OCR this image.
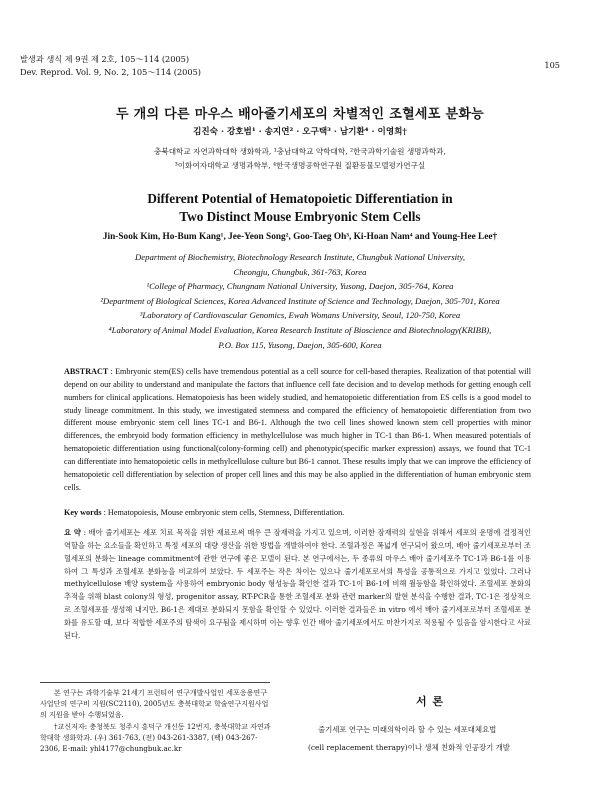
발생과 생식 제 9권 제 2호, 105～114 (2005)
Dev. Reprod. Vol. 9, No. 2, 105～114 (2005)
105
두 개의 다른 마우스 배아줄기세포의 차별적인 조혈세포 분화능
김진숙 · 강호범¹ · 송지연² · 오구택³ · 남기환⁴ · 이영희†
충북대학교 자연과학대학 생화학과, ¹충남대학교 약학대학, ²한국과학기술원 생명과학과,
³이화여자대학교 생명과학부, ⁴한국생명공학연구원 질환동물모델평가연구실
Different Potential of Hematopoietic Differentiation in
Two Distinct Mouse Embryonic Stem Cells
Jin-Sook Kim, Ho-Bum Kang¹, Jee-Yeon Song², Goo-Taeg Oh³, Ki-Hoan Nam⁴ and Young-Hee Lee†
Department of Biochemistry, Biotechnology Research Institute, Chungbuk National University,
Cheongju, Chungbuk, 361-763, Korea
¹College of Pharmacy, Chungnam National University, Yusong, Daejon, 305-764, Korea
²Department of Biological Sciences, Korea Advanced Institute of Science and Technology, Daejon, 305-701, Korea
³Laboratory of Cardiovascular Genomics, Ewah Womans University, Seoul, 120-750, Korea
⁴Laboratory of Animal Model Evaluation, Korea Research Institute of Bioscience and Biotechnology(KRIBB),
P.O. Box 115, Yusong, Daejon, 305-600, Korea
ABSTRACT : Embryonic stem(ES) cells have tremendous potential as a cell source for cell-based therapies. Realization of that potential will depend on our ability to understand and manipulate the factors that influence cell fate decision and to develop methods for getting enough cell numbers for clinical applications. Hematopoiesis has been widely studied, and hematopoietic differentiation from ES cells is a good model to study lineage commitment. In this study, we investigated stemness and compared the efficiency of hematopoietic differentiation from two different mouse embryonic stem cell lines TC-1 and B6-1. Although the two cell lines showed known stem cell properties with minor differences, the embryoid body formation efficiency in methylcellulose was much higher in TC-1 than B6-1. When measured potentials of hematopoietic differentiation using functional(colony-forming cell) and phenotypic(specific marker expression) assays, we found that TC-1 can differentiate into hematopoietic cells in methylcellulose culture but B6-1 cannot. These results imply that we can improve the efficiency of hematopoietic cell differentiation by selection of proper cell lines and this may be also applied in the differentiation of human embryonic stem cells.
Key words : Hematopoiesis, Mouse embryonic stem cells, Stemness, Differentiation.
요 약 : 배아 줄기세포는 세포 치료 목적을 위한 재료로써 매우 큰 잠재력을 가지고 있으며, 이러한 잠재력의 실현을 위해서 세포의 운명에 결정적인 역할을 하는 요소들을 확인하고 특정 세포의 대량 생산을 위한 방법을 개발하여야 한다. 조혈과정은 폭넓게 연구되어 왔으며, 배아 줄기세포로부터 조혈세포의 분화는 lineage commitment에 관한 연구에 좋은 모델이 된다. 본 연구에서는, 두 종류의 마우스 배아 줄기세포주 TC-1과 B6-1를 이용하여 그 특성과 조혈세포 분화능을 비교하여 보았다. 두 세포주는 작은 차이는 있으나 줄기세포로서의 특성을 공통적으로 가지고 있었다. 그러나 methylcellulose 배양 system을 사용하여 embryonic body 형성능을 확인한 결과 TC-1이 B6-1에 비해 월등함을 확인하였다. 조혈세포 분화의 추적을 위해 blast colony의 형성, progenitor assay, RT-PCR을 통한 조혈세포 분화 관련 marker의 발현 분석을 수행한 결과, TC-1은 정상적으로 조혈세포를 생성해 내지만, B6-1은 제대로 분화되지 못함을 확인할 수 있었다. 이러한 결과들은 in vitro 에서 배아 줄기세포로부터 조혈세포 분화를 유도할 때, 보다 적합한 세포주의 탐색이 요구됨을 제시하며 이는 향후 인간 배아 줄기세포에서도 마찬가지로 적용될 수 있음을 암시한다고 사료된다.

본 연구는 과학기술부 21세기 프런티어 연구개발사업인 세포응용연구사업단의 연구비 지원(SC2110), 2005년도 충북대학교 학술연구지원사업의 지원을 받아 수행되었음.

†교신저자: 충청북도 청주시 흥덕구 개신동 12번지, 충북대학교 자연과학대학 생화학과. (우) 361-763, (전) 043-261-3387, (팩) 043-267-2306, E-mail: yhl4177@chungbuk.ac.kr

서 론
줄기세포 연구는 미래의학이라 할 수 있는 세포대체요법
(cell replacement therapy)이나 생체 친화적 인공장기 개발
